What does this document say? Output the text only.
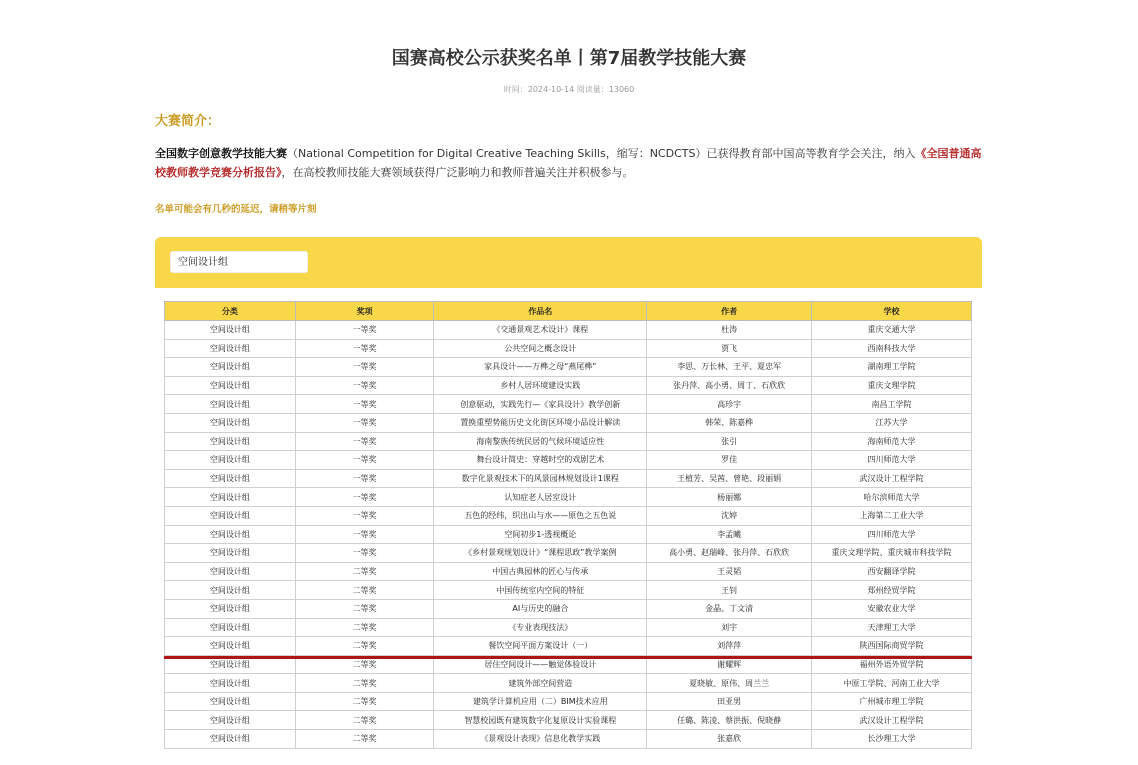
国赛高校公示获奖名单丨第7届教学技能大赛
时间：2024-10-14 阅读量：13060
大赛简介：
全国数字创意教学技能大赛（National Competition for Digital Creative Teaching Skills，缩写：NCDCTS）已获得教育部中国高等教育学会关注，纳入《全国普通高校教师教学竞赛分析报告》，在高校教师技能大赛领域获得广泛影响力和教师普遍关注并积极参与。
名单可能会有几秒的延迟，请稍等片刻
空间设计组
分类	奖项	作品名	作者	学校
空间设计组	一等奖	《交通景观艺术设计》课程	杜涛	重庆交通大学
空间设计组	一等奖	公共空间之概念设计	贾飞	西南科技大学
空间设计组	一等奖	家具设计——万榫之母“燕尾榫”	李思、万长林、王平、夏忠军	湖南理工学院
空间设计组	一等奖	乡村人居环境建设实践	张丹萍、高小勇、周丁、石欣欣	重庆文理学院
空间设计组	一等奖	创意驱动，实践先行—《家具设计》教学创新	高珍宇	南昌工学院
空间设计组	一等奖	置换重塑势能历史文化街区环境小品设计解读	韩荣、陈嘉桦	江苏大学
空间设计组	一等奖	海南黎族传统民居的气候环境适应性	张引	海南师范大学
空间设计组	一等奖	舞台设计简史：穿越时空的戏剧艺术	罗佳	四川师范大学
空间设计组	一等奖	数字化景观技术下的风景园林规划设计1课程	王植芳、吴茜、曾艳、段丽娟	武汉设计工程学院
空间设计组	一等奖	认知症老人居室设计	杨丽娜	哈尔滨师范大学
空间设计组	一等奖	五色的经纬，织出山与水——原色之五色说	沈婷	上海第二工业大学
空间设计组	一等奖	空间初步1-透视概论	李孟曦	四川师范大学
空间设计组	一等奖	《乡村景观规划设计》“课程思政”教学案例	高小勇、赵瑞峰、张丹萍、石欣欣	重庆文理学院、重庆城市科技学院
空间设计组	二等奖	中国古典园林的匠心与传承	王灵韬	西安翻译学院
空间设计组	二等奖	中国传统室内空间的特征	王钊	郑州经贸学院
空间设计组	二等奖	AI与历史的融合	金晶、丁文清	安徽农业大学
空间设计组	二等奖	《专业表现技法》	刘宇	天津理工大学
空间设计组	二等奖	餐饮空间平面方案设计（一）	刘萍萍	陕西国际商贸学院
空间设计组	二等奖	居住空间设计——触觉体验设计	谢耀辉	福州外语外贸学院
空间设计组	二等奖	建筑外部空间营造	夏晓敏、原伟、周兰兰	中原工学院、河南工业大学
空间设计组	二等奖	建筑学计算机应用（二）BIM技术应用	田亚男	广州城市理工学院
空间设计组	二等奖	智慧校园既有建筑数字化复原设计实验课程	任璐、陈凌、蔡洪振、倪晓静	武汉设计工程学院
空间设计组	二等奖	《景观设计表现》信息化教学实践	张嘉欣	长沙理工大学
